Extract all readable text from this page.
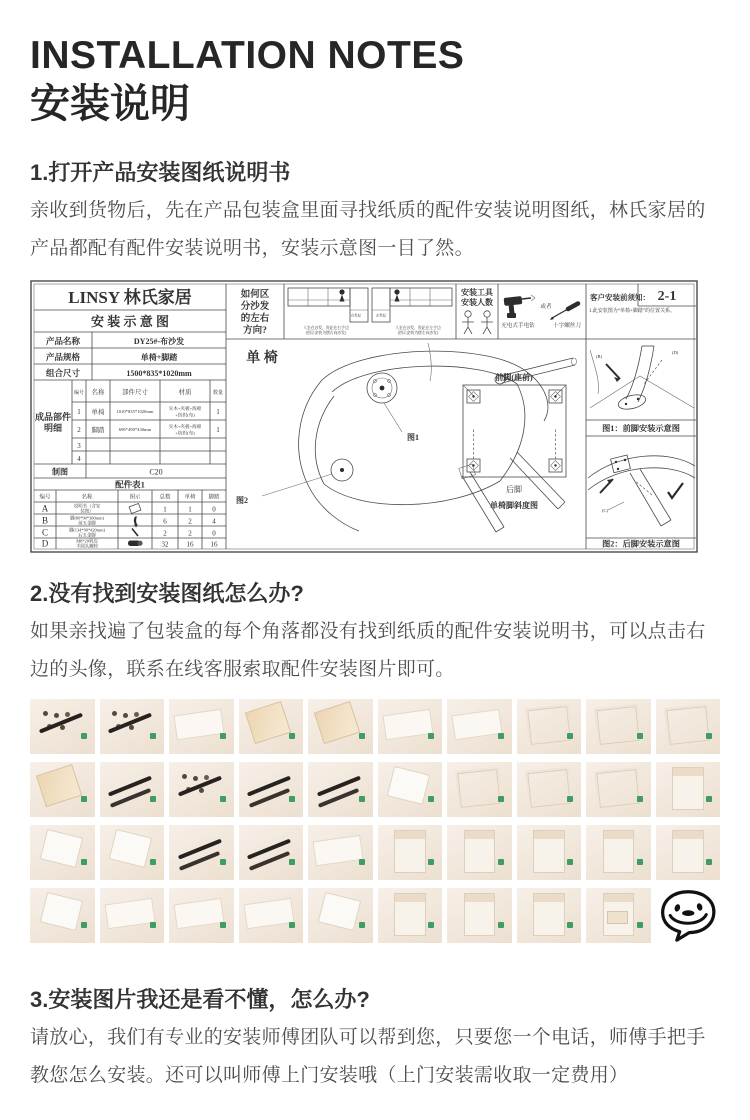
INSTALLATION NOTES
安装说明
1.打开产品安装图纸说明书
亲收到货物后，先在产品包装盒里面寻找纸质的配件安装说明图纸，林氏家居的产品都配有配件安装说明书，安装示意图一目了然。
LINSY 林氏家居
安 装 示 意 图
产品名称	DY25#-布沙发
产品规格	单椅+脚踏
组合尺寸	1500*835*1020mm
成品部件
明细
编号 名称	部件尺寸	材质	数量
1 单椅	1010*835*1020mm
实木+夹板+海绵
+纺织(布)	1
2 脚踏	696*490*430mm
实木+夹板+海绵
+纺织(布)	1
3
4
制图	C20
配件表1
编号	名称	图示	总数	单椅 脚踏
A	说明书（含安
装图）	1	1	0
B	脚(80*90*300mm)
前五金脚	6	2	4
C	脚(134*90*420mm)
后五金脚	2	2	0
D	M8*20斜边
半圆头螺栓	32	16 16
如何区
分沙发
的左右
方向?
右贵妃
人坐在沙发，贵妃在右手边
(图示安装为摆右向沙发)
左贵妃
人坐在沙发，贵妃在左手边
(图示安装为摆左向沙发)
安装工具
安装人数
充电式手电钻
或者
十字螺丝刀
2-1
客户安装前须知：
1.此安装图为“单椅+脚踏”的位置关系。
单 椅
图1
图2
前脚(座前)
后脚
单椅脚斜度图
(B)
(D)
图1：前脚安装示意图
(C)
图2：后脚安装示意图
2.没有找到安装图纸怎么办?
如果亲找遍了包装盒的每个角落都没有找到纸质的配件安装说明书，可以点击右边的头像，联系在线客服索取配件安装图片即可。
3.安装图片我还是看不懂，怎么办?
请放心，我们有专业的安装师傅团队可以帮到您，只要您一个电话，师傅手把手教您怎么安装。还可以叫师傅上门安装哦（上门安装需收取一定费用）
